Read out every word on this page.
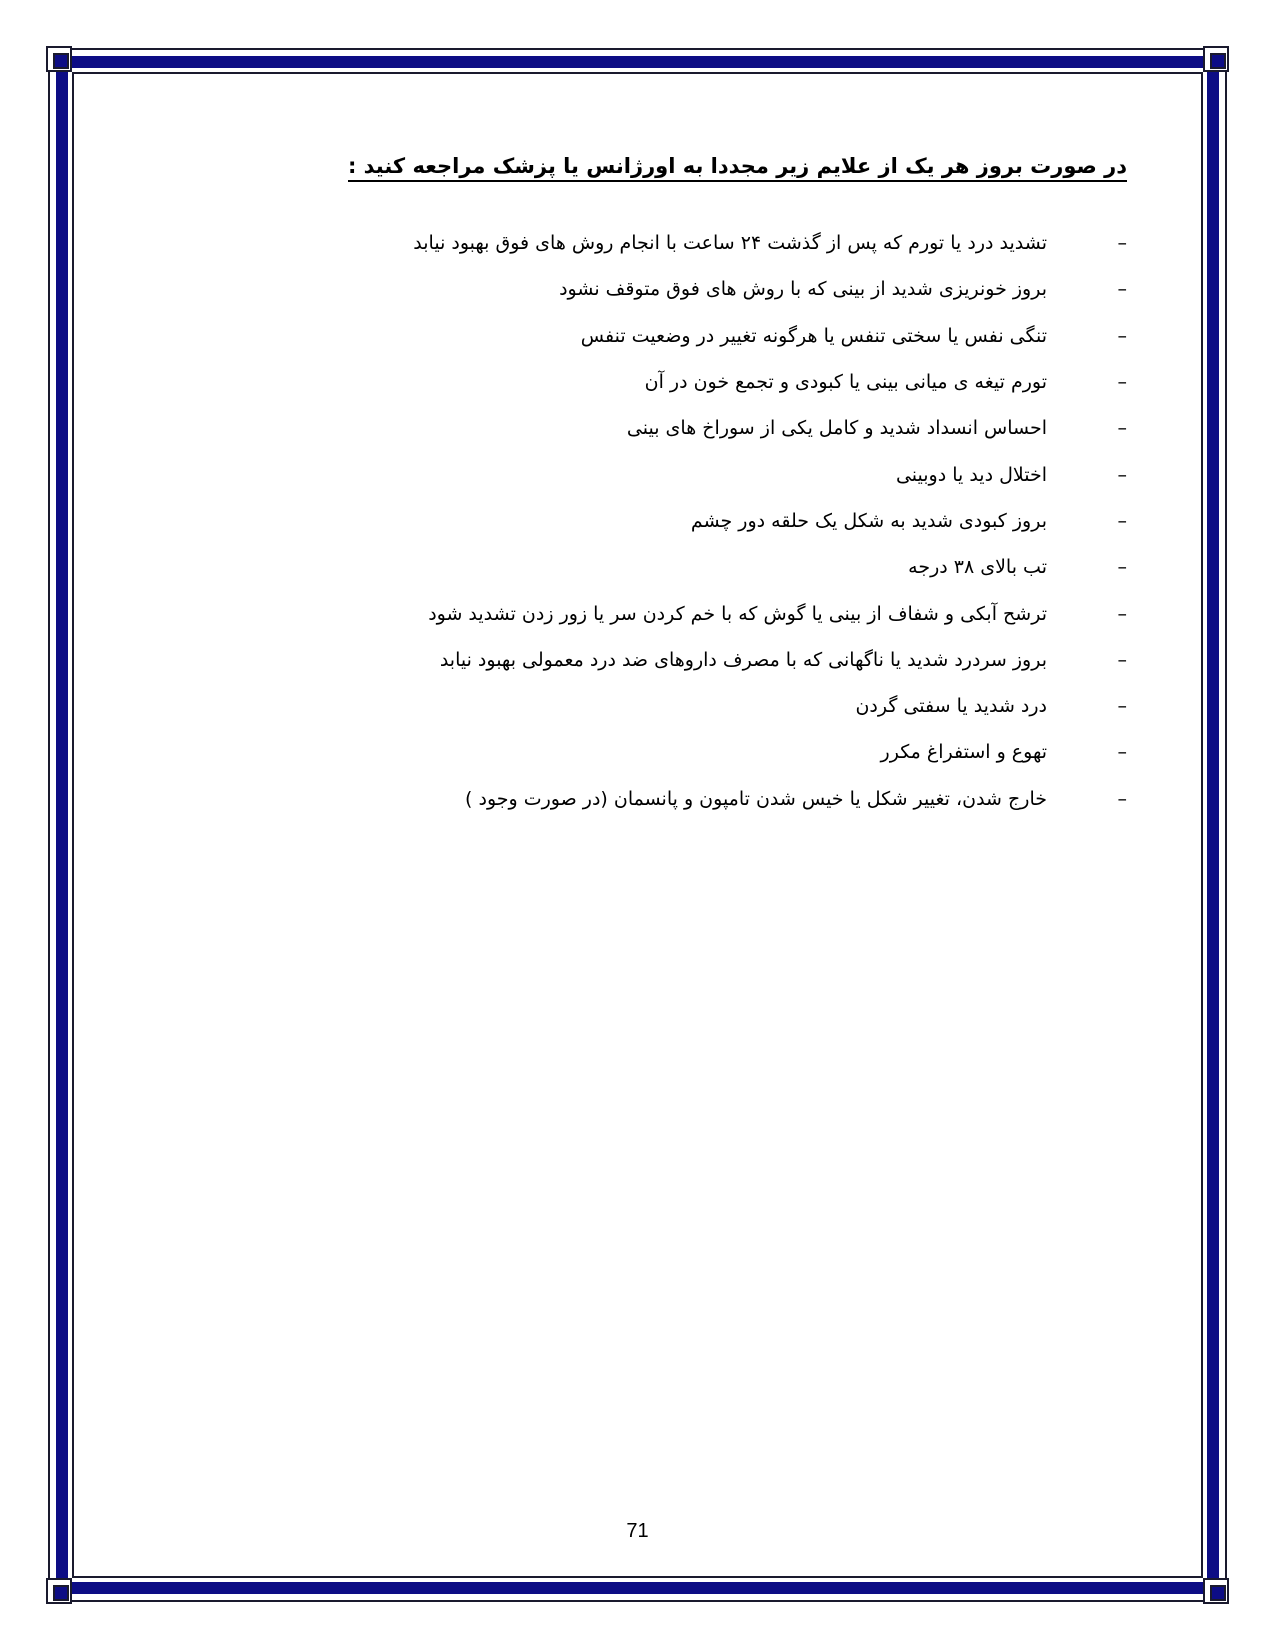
در صورت بروز هر یک از علایم زیر مجددا به اورژانس یا پزشک مراجعه کنید :
–
تشدید درد یا تورم که پس از گذشت ۲۴ ساعت با انجام روش های فوق بهبود نیابد
–
بروز خونریزی شدید از بینی که با روش های فوق متوقف نشود
–
تنگی نفس یا سختی تنفس یا هرگونه تغییر در وضعیت تنفس
–
تورم تیغه ی میانی بینی یا کبودی و تجمع خون در آن
–
احساس انسداد شدید و کامل یکی از سوراخ های بینی
–
اختلال دید یا دوبینی
–
بروز کبودی شدید به شکل یک حلقه دور چشم
–
تب بالای ۳۸ درجه
–
ترشح آبکی و شفاف از بینی یا گوش که با خم کردن سر یا زور زدن تشدید شود
–
بروز سردرد شدید یا ناگهانی که با مصرف داروهای ضد درد معمولی بهبود نیابد
–
درد شدید یا سفتی گردن
–
تهوع و استفراغ مکرر
–
خارج شدن، تغییر شکل یا خیس شدن تامپون و پانسمان (در صورت وجود )
71
